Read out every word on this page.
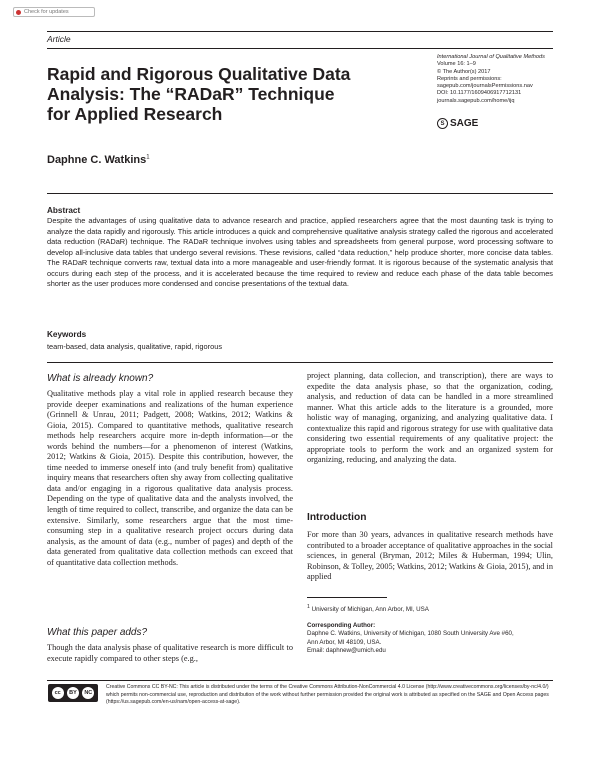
Check for updates
Article
Rapid and Rigorous Qualitative Data
Analysis: The “RADaR” Technique
for Applied Research
International Journal of Qualitative Methods
Volume 16: 1–9
© The Author(s) 2017
Reprints and permissions:
sagepub.com/journalsPermissions.nav
DOI: 10.1177/1609406917712131
journals.sagepub.com/home/ijq
S SAGE
Daphne C. Watkins$^1$
Abstract
Despite the advantages of using qualitative data to advance research and practice, applied researchers agree that the most daunting task is trying to analyze the data rapidly and rigorously. This article introduces a quick and comprehensive qualitative analysis strategy called the rigorous and accelerated data reduction (RADaR) technique. The RADaR technique involves using tables and spreadsheets from general purpose, word processing software to develop all-inclusive data tables that undergo several revisions. These revisions, called “data reduction,” help produce shorter, more concise data tables. The RADaR technique converts raw, textual data into a more manageable and user-friendly format. It is rigorous because of the systematic analysis that occurs during each step of the process, and it is accelerated because the time required to review and reduce each phase of the data table becomes shorter as the user produces more condensed and concise presentations of the textual data.
Keywords
team-based, data analysis, qualitative, rapid, rigorous
What is already known?
Qualitative methods play a vital role in applied research because they provide deeper examinations and realizations of the human experience (Grinnell & Unrau, 2011; Padgett, 2008; Watkins, 2012; Watkins & Gioia, 2015). Compared to quantitative methods, qualitative research methods help researchers acquire more in-depth information—or the words behind the numbers—for a phenomenon of interest (Watkins, 2012; Watkins & Gioia, 2015). Despite this contribution, however, the time needed to immerse oneself into (and truly benefit from) qualitative inquiry means that researchers often shy away from collecting qualitative data and/or engaging in a rigorous qualitative data analysis process. Depending on the type of qualitative data and the analysts involved, the length of time required to collect, transcribe, and organize the data can be extensive. Similarly, some researchers argue that the most time-consuming step in a qualitative research project occurs during data analysis, as the amount of data (e.g., number of pages) and depth of the data generated from qualitative data collection methods can exceed that of quantitative data collection methods.
What this paper adds?
Though the data analysis phase of qualitative research is more difficult to execute rapidly compared to other steps (e.g.,
project planning, data collecion, and transcription), there are ways to expedite the data analysis phase, so that the organization, coding, analysis, and reduction of data can be handled in a more streamlined manner. What this article adds to the literature is a grounded, more holistic way of managing, organizing, and analyzing qualitative data. I contextualize this rapid and rigorous strategy for use with qualitative data considering two essential requirements of any qualitative project: the appropriate tools to perform the work and an organized system for organizing, reducing, and analyzing the data.
Introduction
For more than 30 years, advances in qualitative research methods have contributed to a broader acceptance of qualitative approaches in the social sciences, in general (Bryman, 2012; Miles & Huberman, 1994; Ulin, Robinson, & Tolley, 2005; Watkins, 2012; Watkins & Gioia, 2015), and in applied
$^1$ University of Michigan, Ann Arbor, MI, USA
Corresponding Author:
Daphne C. Watkins, University of Michigan, 1080 South University Ave #60,
Ann Arbor, MI 48109, USA.
Email: daphnew@umich.edu
cc	BY	NC
Creative Commons CC BY-NC: This article is distributed under the terms of the Creative Commons Attribution-NonCommercial 4.0 License (http://www.creativecommons.org/licenses/by-nc/4.0/) which permits non-commercial use, reproduction and distribution of the work without further permission provided the original work is attributed as specified on the SAGE and Open Access pages (https://us.sagepub.com/en-us/nam/open-access-at-sage).
